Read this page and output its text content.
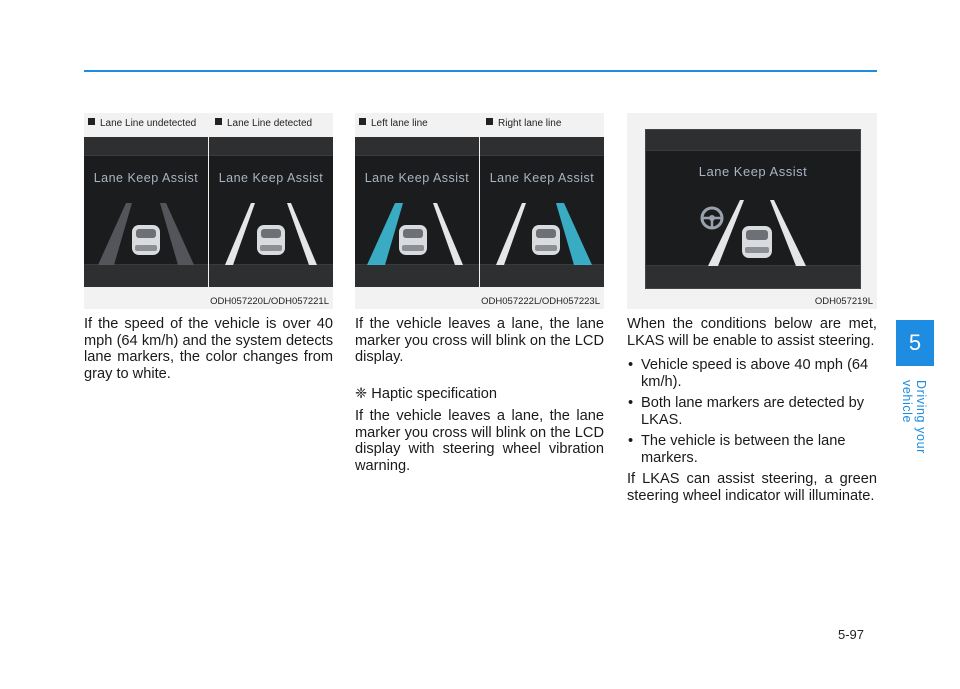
5
Driving your vehicle
Lane Line undetected	Lane Line detected
Lane Keep Assist	Lane Keep Assist
ODH057220L/ODH057221L
Left lane line	Right lane line
Lane Keep Assist	Lane Keep Assist
ODH057222L/ODH057223L
Lane Keep Assist
ODH057219L

If the speed of the vehicle is over 40 mph (64 km/h) and the system detects lane markers, the color changes from gray to white.

If the vehicle leaves a lane, the lane marker you cross will blink on the LCD display.

❈ Haptic specification

If the vehicle leaves a lane, the lane marker you cross will blink on the LCD display with steering wheel vibration warning.

When the conditions below are met, LKAS will be enable to assist steering.

• Vehicle speed is above 40 mph (64 km/h).
• Both lane markers are detected by LKAS.
• The vehicle is between the lane markers.

If LKAS can assist steering, a green steering wheel indicator will illuminate.

5-97
